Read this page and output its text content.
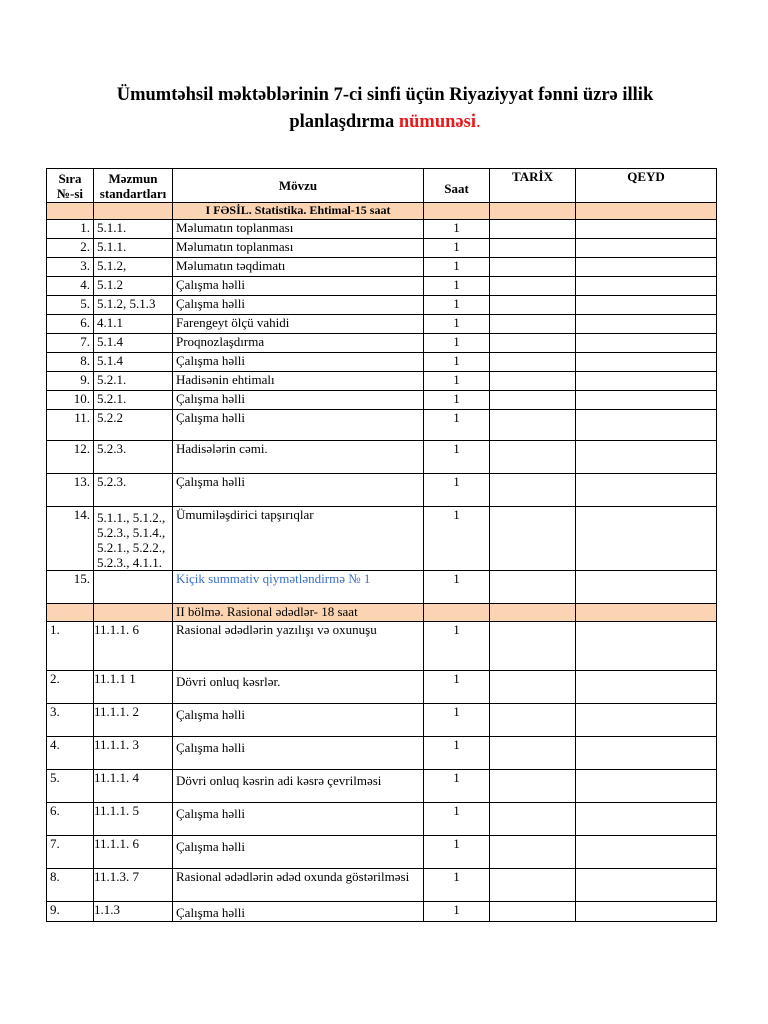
Ümumtəhsil məktəblərinin 7-ci sinfi üçün Riyaziyyat fənni üzrə illik
planlaşdırma nümunəsi.
Sıra №-si	Məzmun standartları	Mövzu	Saat	TARİX	QEYD
		I FƏSİL. Statistika. Ehtimal-15 saat			
1.	5.1.1.	Məlumatın toplanması	1		
2.	5.1.1.	Məlumatın toplanması	1		
3.	5.1.2,	Məlumatın təqdimatı	1		
4.	5.1.2	Çalışma həlli	1		
5.	5.1.2, 5.1.3	Çalışma həlli	1		
6.	4.1.1	Farengeyt ölçü vahidi	1		
7.	5.1.4	Proqnozlaşdırma	1		
8.	5.1.4	Çalışma həlli	1		
9.	5.2.1.	Hadisənin ehtimalı	1		
10.	5.2.1.	Çalışma həlli	1		
11.	5.2.2	Çalışma həlli	1		
12.	5.2.3.	Hadisələrin cəmi.	1		
13.	5.2.3.	Çalışma həlli	1		
14.	5.1.1., 5.1.2., 5.2.3., 5.1.4., 5.2.1., 5.2.2., 5.2.3., 4.1.1.	Ümumiləşdirici tapşırıqlar	1		
15.		Kiçik summativ qiymətləndirmə № 1	1		
		II bölmə. Rasional ədədlər- 18 saat			
1.	11.1.1. 6	Rasional ədədlərin yazılışı və oxunuşu	1		
2.	11.1.1 1	Dövri onluq kəsrlər.	1		
3.	11.1.1. 2	Çalışma həlli	1		
4.	11.1.1. 3	Çalışma həlli	1		
5.	11.1.1. 4	Dövri onluq kəsrin adi kəsrə çevrilməsi	1		
6.	11.1.1. 5	Çalışma həlli	1		
7.	11.1.1. 6	Çalışma həlli	1		
8.	11.1.3. 7	Rasional ədədlərin ədəd oxunda göstərilməsi	1		
9.	1.1.3	Çalışma həlli	1		
